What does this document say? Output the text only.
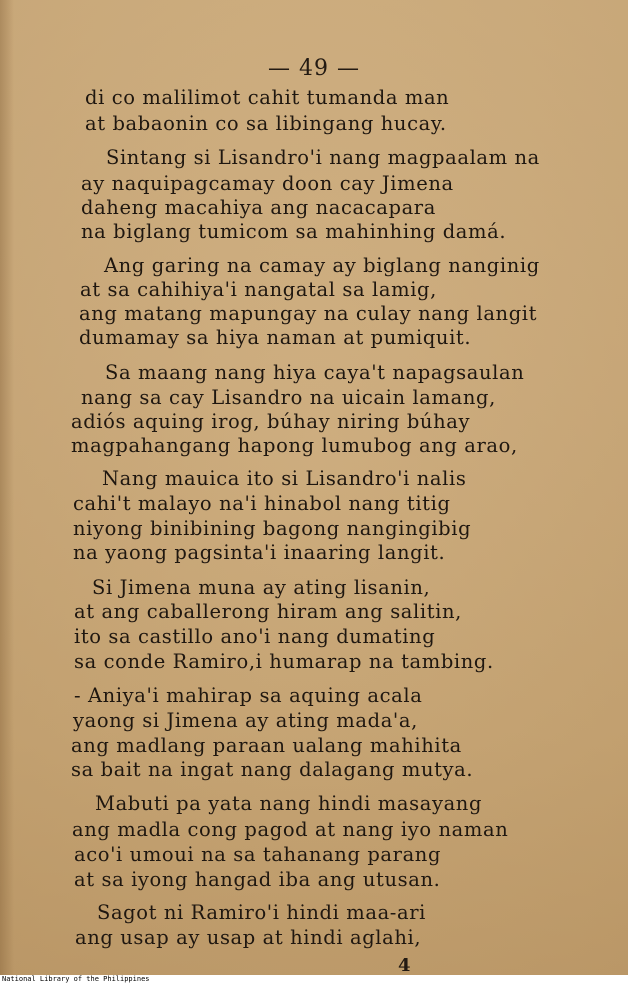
— 49 —
di co malilimot cahit tumanda man
at babaonin co sa libingang hucay.
Sintang si Lisandro'i nang magpaalam na
ay naquipagcamay doon cay Jimena
daheng macahiya ang nacacapara
na biglang tumicom sa mahinhing damá.
Ang garing na camay ay biglang nanginig
at sa cahihiya'i nangatal sa lamig,
ang matang mapungay na culay nang langit
dumamay sa hiya naman at pumiquit.
Sa maang nang hiya caya't napagsaulan
nang sa cay Lisandro na uicain lamang,
adiós aquing irog, búhay niring búhay
magpahangang hapong lumubog ang arao,
Nang mauica ito si Lisandro'i nalis
cahi't malayo na'i hinabol nang titig
niyong binibining bagong nangingibig
na yaong pagsinta'i inaaring langit.
Si Jimena muna ay ating lisanin,
at ang caballerong hiram ang salitin,
ito sa castillo ano'i nang dumating
sa conde Ramiro,i humarap na tambing.
- Aniya'i mahirap sa aquing acala
yaong si Jimena ay ating mada'a,
ang madlang paraan ualang mahihita
sa bait na ingat nang dalagang mutya.
Mabuti pa yata nang hindi masayang
ang madla cong pagod at nang iyo naman
aco'i umoui na sa tahanang parang
at sa iyong hangad iba ang utusan.
Sagot ni Ramiro'i hindi maa-ari
ang usap ay usap at hindi aglahi,
4
National Library of the Philippines
